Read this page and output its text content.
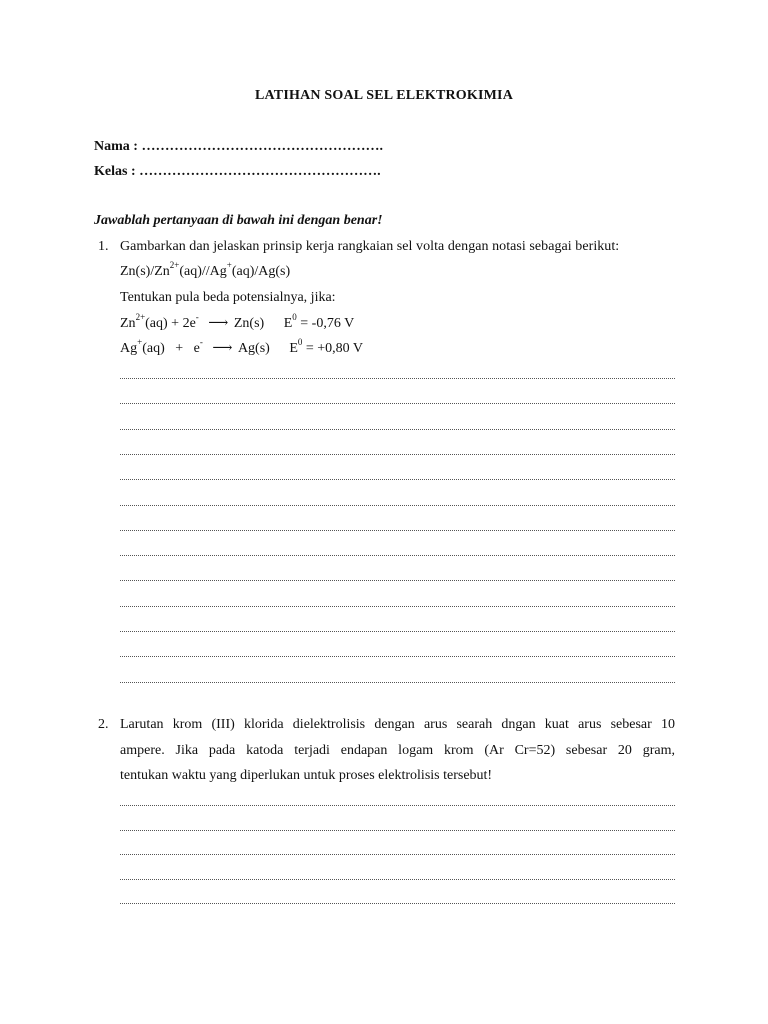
LATIHAN SOAL SEL ELEKTROKIMIA
Nama : …………………………………………….
Kelas : …………………………………………….
Jawablah pertanyaan di bawah ini dengan benar!
1. Gambarkan dan jelaskan prinsip kerja rangkaian sel volta dengan notasi sebagai berikut:
$Zn(s)/Zn^{2+}(aq)//Ag^+(aq)/Ag(s)$
Tentukan pula beda potensialnya, jika:
$Zn^{2+}(aq) + 2e^-$ ⟶ Zn(s) $E^0 = -0,76$ V
Ag+(aq)   +   e- ⟶ Ag(s) $E^0 = +0,80$ V
2. Larutan krom (III) klorida dielektrolisis dengan arus searah dngan kuat arus sebesar 10
ampere. Jika pada katoda terjadi endapan logam krom (Ar Cr=52) sebesar 20 gram,
tentukan waktu yang diperlukan untuk proses elektrolisis tersebut!
